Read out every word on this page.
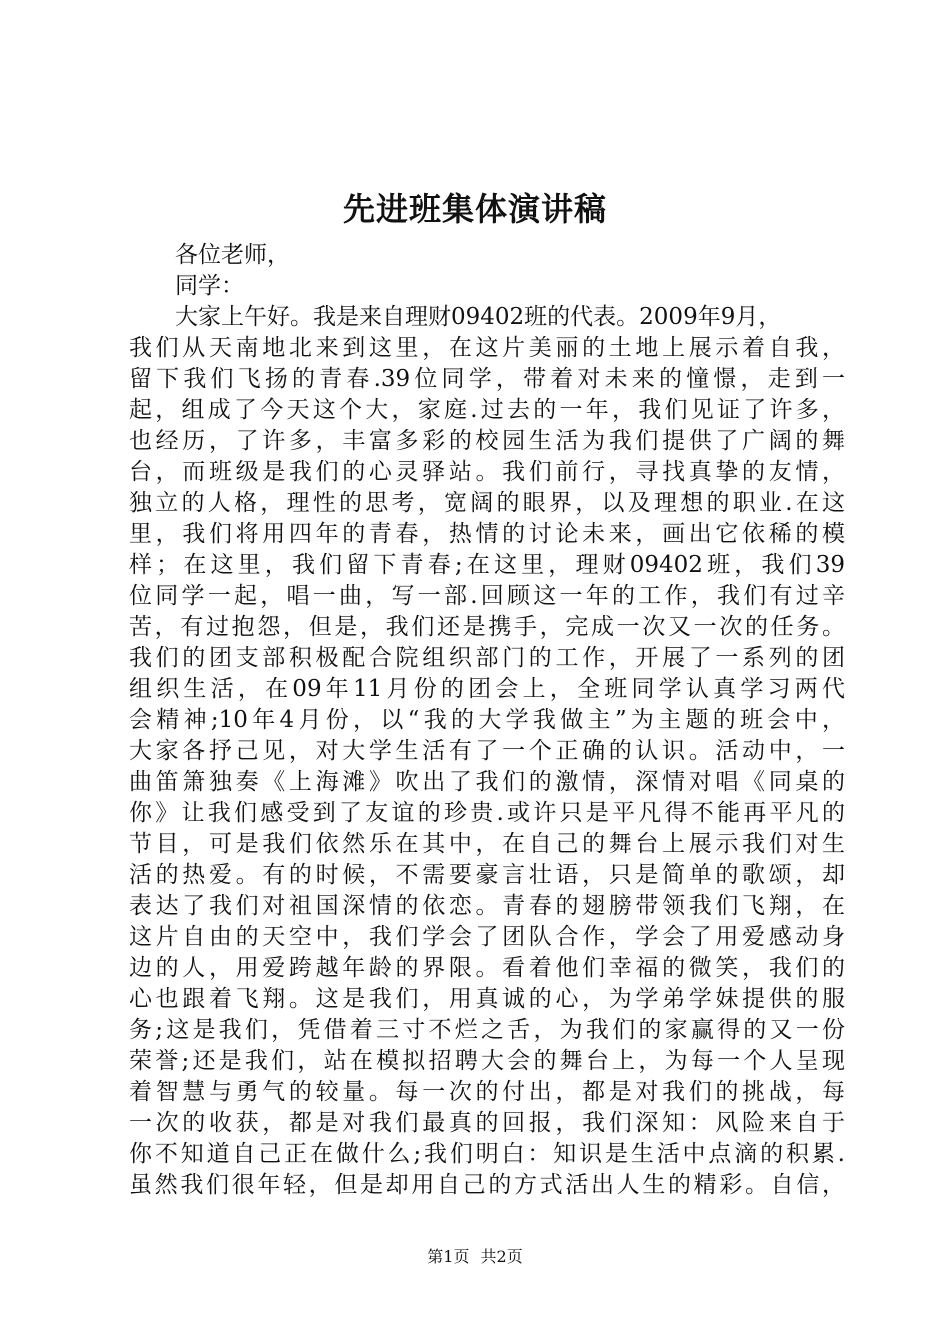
先进班集体演讲稿
各位老师，
同学：
大家上午好。我是来自理财09402班的代表。2009年9月，
我们从天南地北来到这里，在这片美丽的土地上展示着自我，
留下我们飞扬的青春.39位同学，带着对未来的憧憬，走到一
起，组成了今天这个大，家庭.过去的一年，我们见证了许多，
也经历，了许多，丰富多彩的校园生活为我们提供了广阔的舞
台，而班级是我们的心灵驿站。我们前行，寻找真挚的友情，
独立的人格，理性的思考，宽阔的眼界，以及理想的职业.在这
里，我们将用四年的青春，热情的讨论未来，画出它依稀的模
样；在这里，我们留下青春;在这里，理财09402班，我们39
位同学一起，唱一曲，写一部.回顾这一年的工作，我们有过辛
苦，有过抱怨，但是，我们还是携手，完成一次又一次的任务。
我们的团支部积极配合院组织部门的工作，开展了一系列的团
组织生活，在09年11月份的团会上，全班同学认真学习两代
会精神;10年4月份，以“我的大学我做主”为主题的班会中，
大家各抒己见，对大学生活有了一个正确的认识。活动中，一
曲笛箫独奏《上海滩》吹出了我们的激情，深情对唱《同桌的
你》让我们感受到了友谊的珍贵.或许只是平凡得不能再平凡的
节目，可是我们依然乐在其中，在自己的舞台上展示我们对生
活的热爱。有的时候，不需要豪言壮语，只是简单的歌颂，却
表达了我们对祖国深情的依恋。青春的翅膀带领我们飞翔，在
这片自由的天空中，我们学会了团队合作，学会了用爱感动身
边的人，用爱跨越年龄的界限。看着他们幸福的微笑，我们的
心也跟着飞翔。这是我们，用真诚的心，为学弟学妹提供的服
务;这是我们，凭借着三寸不烂之舌，为我们的家赢得的又一份
荣誉;还是我们，站在模拟招聘大会的舞台上，为每一个人呈现
着智慧与勇气的较量。每一次的付出，都是对我们的挑战，每
一次的收获，都是对我们最真的回报，我们深知：风险来自于
你不知道自己正在做什么;我们明白：知识是生活中点滴的积累.
虽然我们很年轻，但是却用自己的方式活出人生的精彩。自信，
第1页 共2页
